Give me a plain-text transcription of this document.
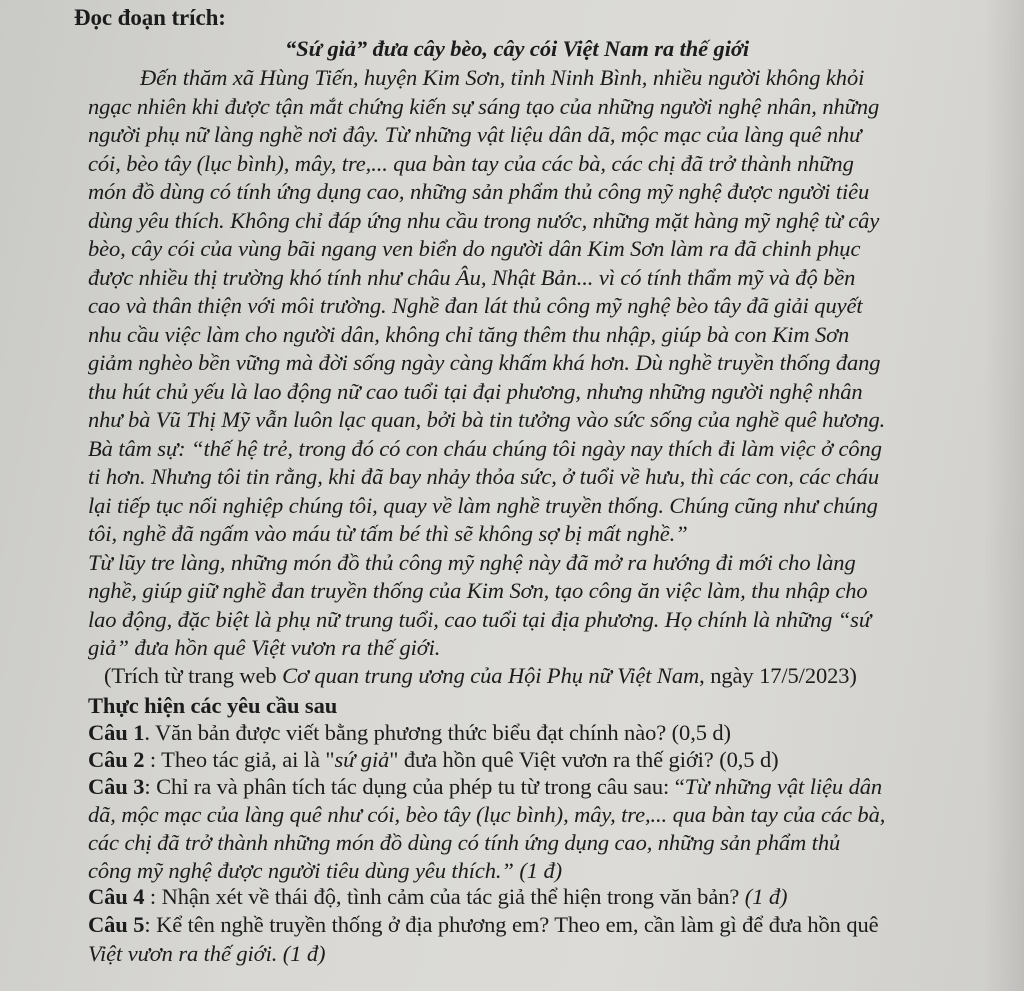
Đọc đoạn trích:
“Sứ giả” đưa cây bèo, cây cói Việt Nam ra thế giới
Đến thăm xã Hùng Tiến, huyện Kim Sơn, tỉnh Ninh Bình, nhiều người không khỏi
ngạc nhiên khi được tận mắt chứng kiến sự sáng tạo của những người nghệ nhân, những
người phụ nữ làng nghề nơi đây. Từ những vật liệu dân dã, mộc mạc của làng quê như
cói, bèo tây (lục bình), mây, tre,... qua bàn tay của các bà, các chị đã trở thành những
món đồ dùng có tính ứng dụng cao, những sản phẩm thủ công mỹ nghệ được người tiêu
dùng yêu thích. Không chỉ đáp ứng nhu cầu trong nước, những mặt hàng mỹ nghệ từ cây
bèo, cây cói của vùng bãi ngang ven biển do người dân Kim Sơn làm ra đã chinh phục
được nhiều thị trường khó tính như châu Âu, Nhật Bản... vì có tính thẩm mỹ và độ bền
cao và thân thiện với môi trường. Nghề đan lát thủ công mỹ nghệ bèo tây đã giải quyết
nhu cầu việc làm cho người dân, không chỉ tăng thêm thu nhập, giúp bà con Kim Sơn
giảm nghèo bền vững mà đời sống ngày càng khấm khá hơn. Dù nghề truyền thống đang
thu hút chủ yếu là lao động nữ cao tuổi tại đại phương, nhưng những người nghệ nhân
như bà Vũ Thị Mỹ vẫn luôn lạc quan, bởi bà tin tưởng vào sức sống của nghề quê hương.
Bà tâm sự: “thế hệ trẻ, trong đó có con cháu chúng tôi ngày nay thích đi làm việc ở công
ti hơn. Nhưng tôi tin rằng, khi đã bay nhảy thỏa sức, ở tuổi về hưu, thì các con, các cháu
lại tiếp tục nối nghiệp chúng tôi, quay về làm nghề truyền thống. Chúng cũng như chúng
tôi, nghề đã ngấm vào máu từ tấm bé thì sẽ không sợ bị mất nghề.”
Từ lũy tre làng, những món đồ thủ công mỹ nghệ này đã mở ra hướng đi mới cho làng
nghề, giúp giữ nghề đan truyền thống của Kim Sơn, tạo công ăn việc làm, thu nhập cho
lao động, đặc biệt là phụ nữ trung tuổi, cao tuổi tại địa phương. Họ chính là những “sứ
giả” đưa hồn quê Việt vươn ra thế giới.
(Trích từ trang web Cơ quan trung ương của Hội Phụ nữ Việt Nam, ngày 17/5/2023)
Thực hiện các yêu cầu sau
Câu 1. Văn bản được viết bằng phương thức biểu đạt chính nào? (0,5 d)
Câu 2 : Theo tác giả, ai là "sứ giả" đưa hồn quê Việt vươn ra thế giới? (0,5 d)
Câu 3: Chỉ ra và phân tích tác dụng của phép tu từ trong câu sau: “Từ những vật liệu dân
dã, mộc mạc của làng quê như cói, bèo tây (lục bình), mây, tre,... qua bàn tay của các bà,
các chị đã trở thành những món đồ dùng có tính ứng dụng cao, những sản phẩm thủ
công mỹ nghệ được người tiêu dùng yêu thích.” (1 đ)
Câu 4 : Nhận xét về thái độ, tình cảm của tác giả thể hiện trong văn bản? (1 đ)
Câu 5: Kể tên nghề truyền thống ở địa phương em? Theo em, cần làm gì để đưa hồn quê
Việt vươn ra thế giới. (1 đ)
